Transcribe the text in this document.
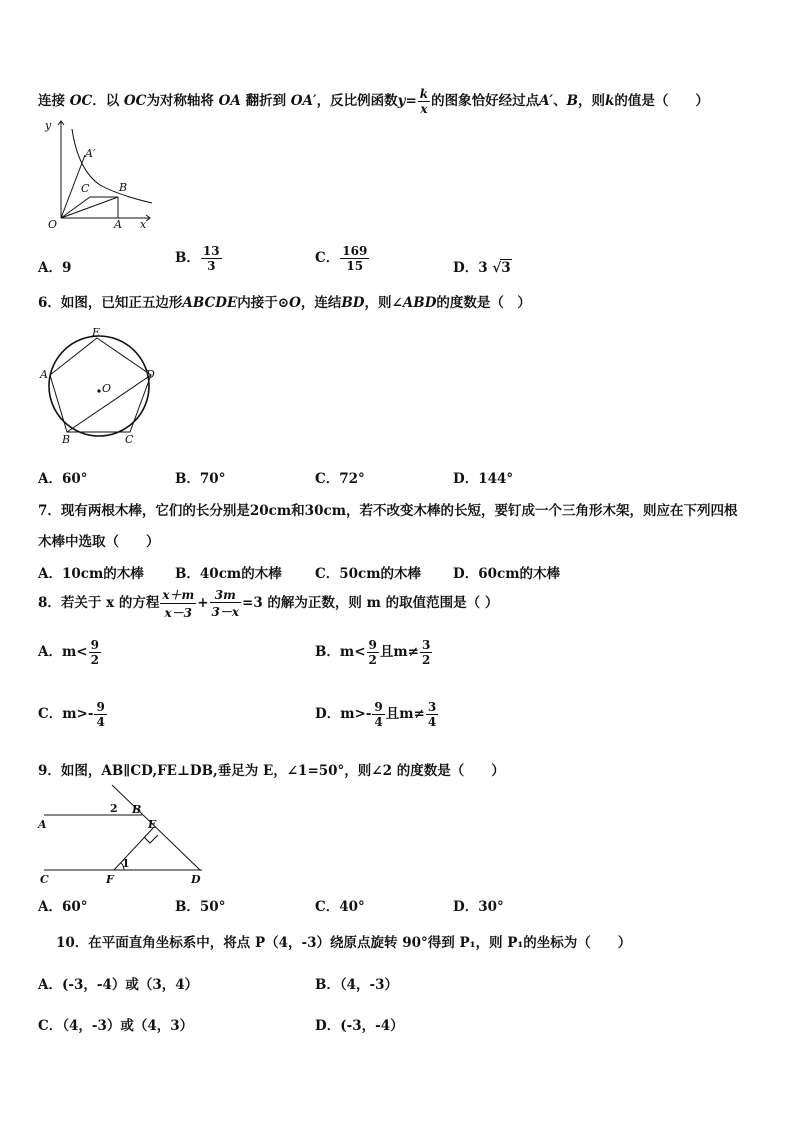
连接 OC．以 OC为对称轴将 OA 翻折到 OA′，反比例函数$y= \frac{k}{x}$ 的图象恰好经过点A′、B，则k的值是（　　）
y
A′
C	B
O	A x
A．9
B． $\frac{13}{3}$	C． $\frac{169}{15}$	D．3 √3
6．如图，已知正五边形ABCDE内接于⊙O，连结BD，则∠ABD的度数是（　）
E
A	D
O
B	C
A．60°	B．70°	C．72°	D．144°
7．现有两根木棒，它们的长分别是20cm和30cm，若不改变木棒的长短，要钉成一个三角形木架，则应在下列四根
木棒中选取（　　）
A．10cm的木棒 B．40cm的木棒 C．50cm的木棒 D．60cm的木棒
8．若关于 x 的方程 $\frac{x+m}{x-3} + \frac{3m}{3-x} =3$ 的解为正数，则 m 的取值范围是（ ）
A．$m< \frac{9}{2}$	B．$m< \frac{9}{2}$ 且$m\ne \frac{3}{2}$
C．$m>- \frac{9}{4}$	D．$m>- \frac{9}{4}$ 且$m\ne \frac{3}{4}$
9．如图，AB∥CD,FE⊥DB,垂足为 E，∠1=50°，则∠2 的度数是（　　）
2 B
A	E
1
C	F	D
A．60°	B．50°	C．40°	D．30°
10．在平面直角坐标系中，将点 P（4，-3）绕原点旋转 90°得到 P₁，则 P₁的坐标为（　　）
A．(-3，-4）或（3，4）	B．（4，-3）
C．（4，-3）或（4，3）	D．(-3，-4）
